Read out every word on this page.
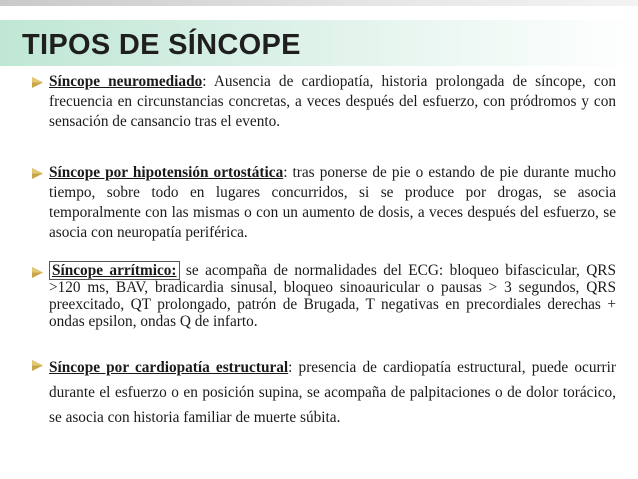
TIPOS DE SÍNCOPE
Síncope neuromediado: Ausencia de cardiopatía, historia prolongada de síncope, con frecuencia en circunstancias concretas, a veces después del esfuerzo, con pródromos y con sensación de cansancio tras el evento.
Síncope por hipotensión ortostática: tras ponerse de pie o estando de pie durante mucho tiempo, sobre todo en lugares concurridos, si se produce por drogas, se asocia temporalmente con las mismas o con un aumento de dosis, a veces después del esfuerzo, se asocia con neuropatía periférica.
Síncope arrítmico: se acompaña de normalidades del ECG: bloqueo bifascicular, QRS >120 ms, BAV, bradicardia sinusal, bloqueo sinoauricular o pausas > 3 segundos, QRS preexcitado, QT prolongado, patrón de Brugada, T negativas en precordiales derechas + ondas epsilon, ondas Q de infarto.
Síncope por cardiopatía estructural: presencia de cardiopatía estructural, puede ocurrir durante el esfuerzo o en posición supina, se acompaña de palpitaciones o de dolor torácico, se asocia con historia familiar de muerte súbita.
